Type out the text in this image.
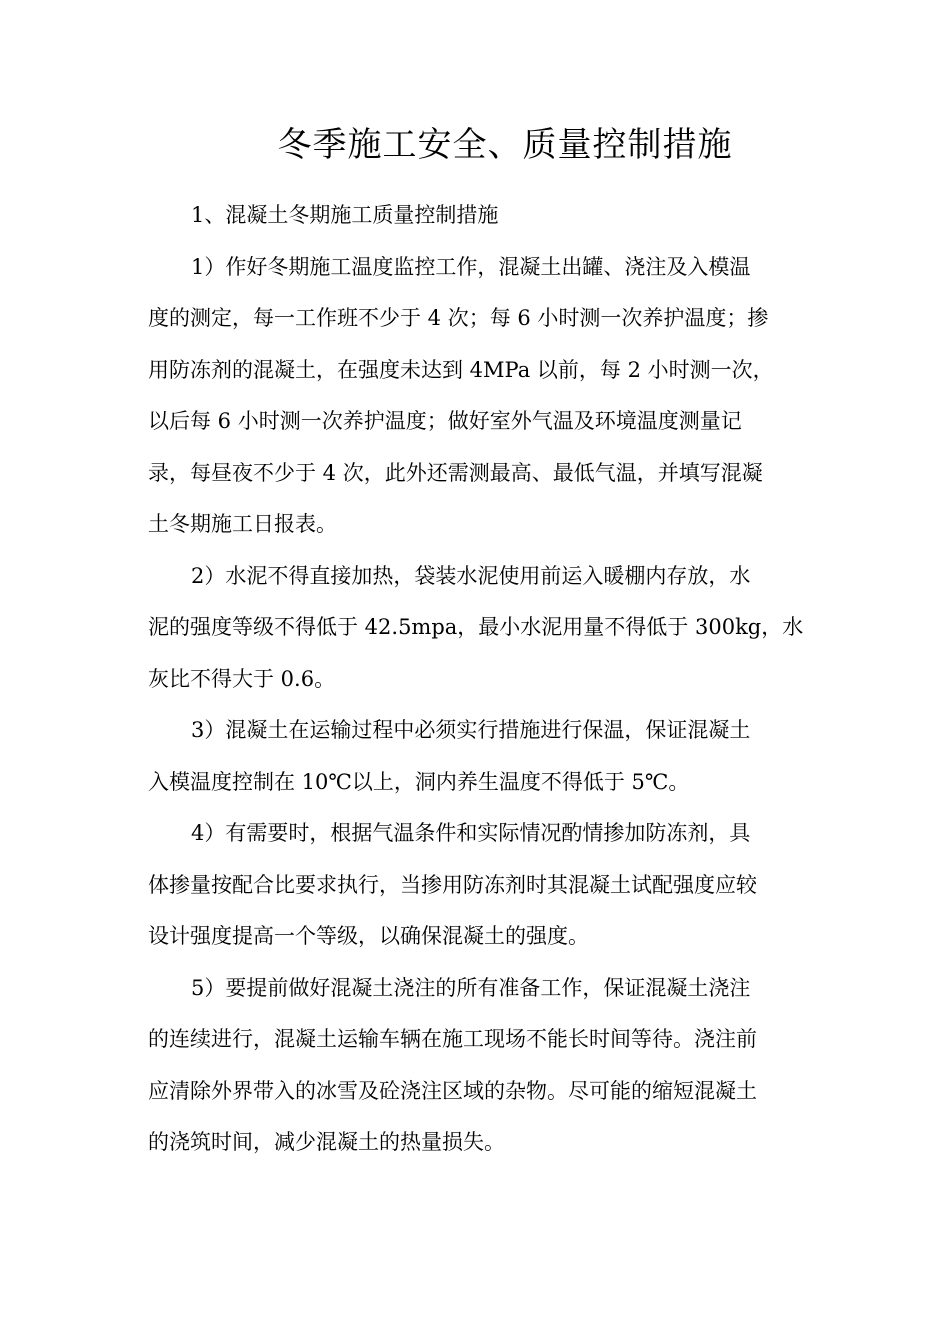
冬季施工安全、质量控制措施
1、混凝土冬期施工质量控制措施
1）作好冬期施工温度监控工作，混凝土出罐、浇注及入模温
度的测定，每一工作班不少于 4 次；每 6 小时测一次养护温度；掺
用防冻剂的混凝土，在强度未达到 4MPa 以前，每 2 小时测一次，
以后每 6 小时测一次养护温度；做好室外气温及环境温度测量记
录，每昼夜不少于 4 次，此外还需测最高、最低气温，并填写混凝
土冬期施工日报表。
2）水泥不得直接加热，袋装水泥使用前运入暖棚内存放，水
泥的强度等级不得低于 42.5mpa，最小水泥用量不得低于 300kg，水
灰比不得大于 0.6。
3）混凝土在运输过程中必须实行措施进行保温，保证混凝土
入模温度控制在 10℃以上，洞内养生温度不得低于 5℃。
4）有需要时，根据气温条件和实际情况酌情掺加防冻剂，具
体掺量按配合比要求执行，当掺用防冻剂时其混凝土试配强度应较
设计强度提高一个等级，以确保混凝土的强度。
5）要提前做好混凝土浇注的所有准备工作，保证混凝土浇注
的连续进行，混凝土运输车辆在施工现场不能长时间等待。浇注前
应清除外界带入的冰雪及砼浇注区域的杂物。尽可能的缩短混凝土
的浇筑时间，减少混凝土的热量损失。
